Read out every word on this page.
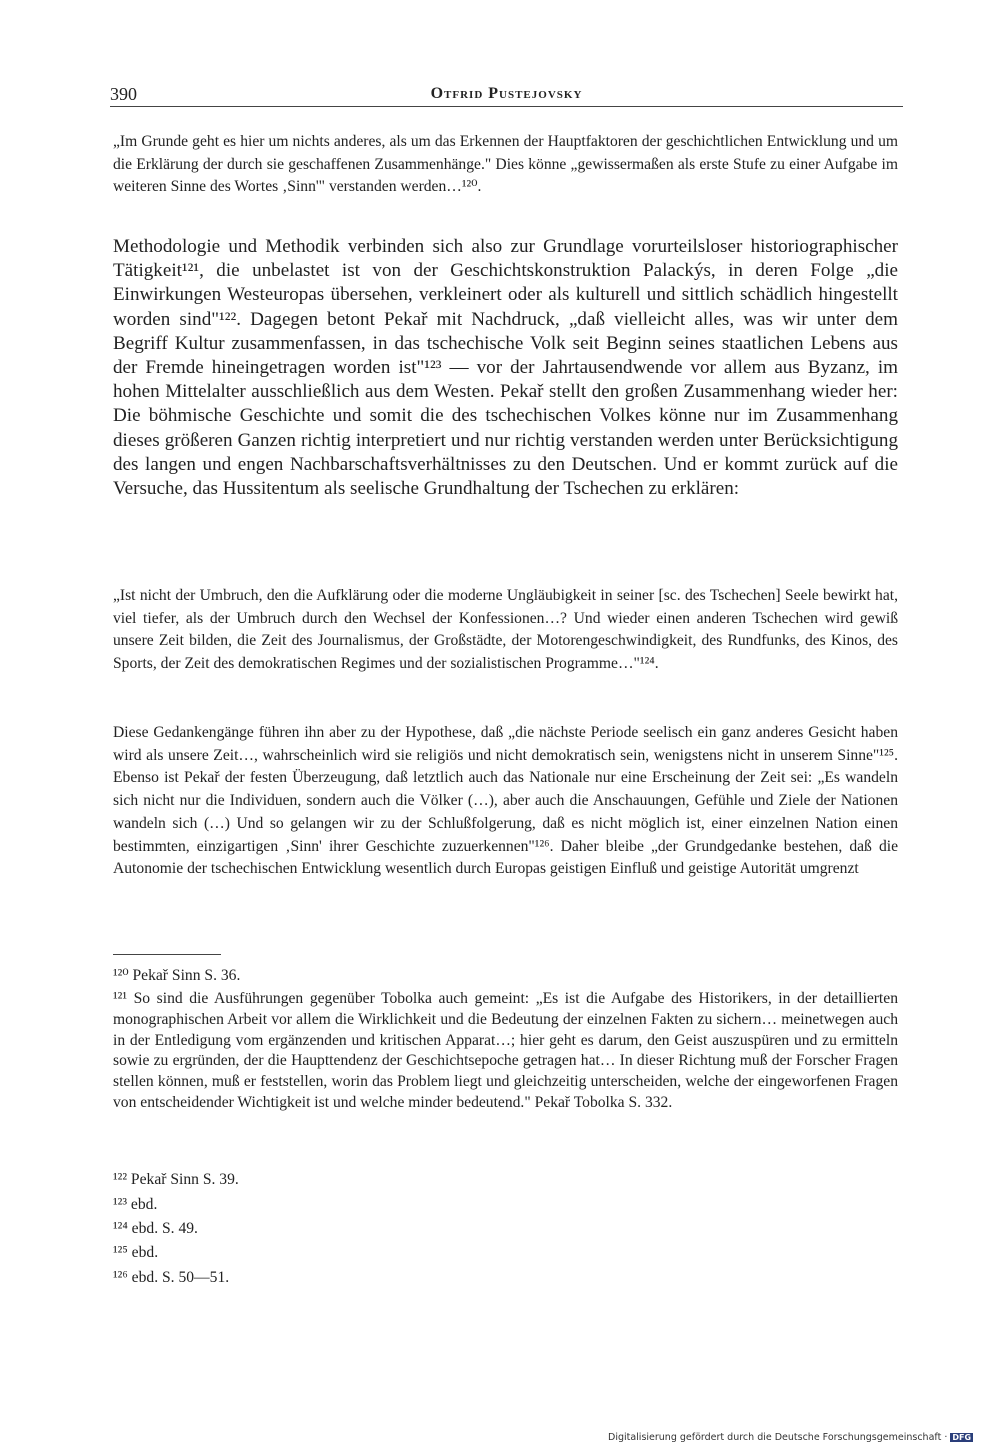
390	Otfrid Pustejovsky

„Im Grunde geht es hier um nichts anderes, als um das Erkennen der Hauptfaktoren der geschichtlichen Entwicklung und um die Erklärung der durch sie geschaffenen Zusammenhänge." Dies könne „gewissermaßen als erste Stufe zu einer Aufgabe im weiteren Sinne des Wortes ‚Sinn'" verstanden werden…¹²⁰.

Methodologie und Methodik verbinden sich also zur Grundlage vorurteilsloser historiographischer Tätigkeit¹²¹, die unbelastet ist von der Geschichtskonstruktion Palackýs, in deren Folge „die Einwirkungen Westeuropas übersehen, verkleinert oder als kulturell und sittlich schädlich hingestellt worden sind"¹²². Dagegen betont Pekař mit Nachdruck, „daß vielleicht alles, was wir unter dem Begriff Kultur zusammenfassen, in das tschechische Volk seit Beginn seines staatlichen Lebens aus der Fremde hineingetragen worden ist"¹²³ — vor der Jahrtausendwende vor allem aus Byzanz, im hohen Mittelalter ausschließlich aus dem Westen. Pekař stellt den großen Zusammenhang wieder her: Die böhmische Geschichte und somit die des tschechischen Volkes könne nur im Zusammenhang dieses größeren Ganzen richtig interpretiert und nur richtig verstanden werden unter Berücksichtigung des langen und engen Nachbarschaftsverhältnisses zu den Deutschen. Und er kommt zurück auf die Versuche, das Hussitentum als seelische Grundhaltung der Tschechen zu erklären:

„Ist nicht der Umbruch, den die Aufklärung oder die moderne Ungläubigkeit in seiner [sc. des Tschechen] Seele bewirkt hat, viel tiefer, als der Umbruch durch den Wechsel der Konfessionen…? Und wieder einen anderen Tschechen wird gewiß unsere Zeit bilden, die Zeit des Journalismus, der Großstädte, der Motorengeschwindigkeit, des Rundfunks, des Kinos, des Sports, der Zeit des demokratischen Regimes und der sozialistischen Programme…"¹²⁴.

Diese Gedankengänge führen ihn aber zu der Hypothese, daß „die nächste Periode seelisch ein ganz anderes Gesicht haben wird als unsere Zeit…, wahrscheinlich wird sie religiös und nicht demokratisch sein, wenigstens nicht in unserem Sinne"¹²⁵. Ebenso ist Pekař der festen Überzeugung, daß letztlich auch das Nationale nur eine Erscheinung der Zeit sei: „Es wandeln sich nicht nur die Individuen, sondern auch die Völker (…), aber auch die Anschauungen, Gefühle und Ziele der Nationen wandeln sich (…) Und so gelangen wir zu der Schlußfolgerung, daß es nicht möglich ist, einer einzelnen Nation einen bestimmten, einzigartigen ‚Sinn' ihrer Geschichte zuzuerkennen"¹²⁶. Daher bleibe „der Grundgedanke bestehen, daß die Autonomie der tschechischen Entwicklung wesentlich durch Europas geistigen Einfluß und geistige Autorität umgrenzt

¹²⁰ Pekař Sinn S. 36.

¹²¹ So sind die Ausführungen gegenüber Tobolka auch gemeint: „Es ist die Aufgabe des Historikers, in der detaillierten monographischen Arbeit vor allem die Wirklichkeit und die Bedeutung der einzelnen Fakten zu sichern… meinetwegen auch in der Entledigung vom ergänzenden und kritischen Apparat…; hier geht es darum, den Geist auszuspüren und zu ermitteln sowie zu ergründen, der die Haupttendenz der Geschichtsepoche getragen hat… In dieser Richtung muß der Forscher Fragen stellen können, muß er feststellen, worin das Problem liegt und gleichzeitig unterscheiden, welche der eingeworfenen Fragen von entscheidender Wichtigkeit ist und welche minder bedeutend." Pekař Tobolka S. 332.

¹²² Pekař Sinn S. 39.

¹²³ ebd.

¹²⁴ ebd. S. 49.

¹²⁵ ebd.

¹²⁶ ebd. S. 50—51.

Digitalisierung gefördert durch die Deutsche Forschungsgemeinschaft · DFG
